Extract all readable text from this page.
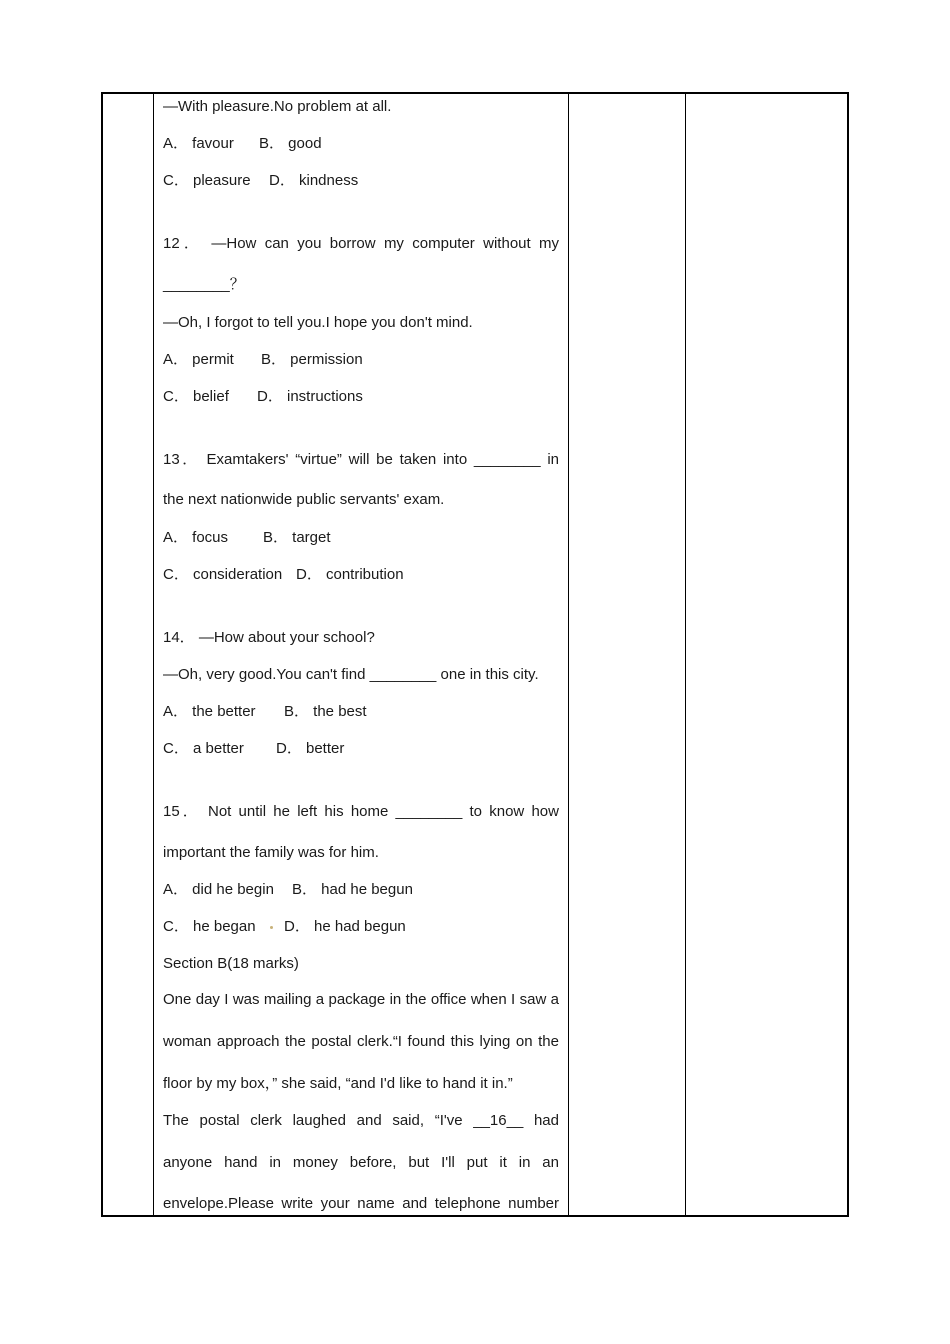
—With pleasure.No problem at all.
A． favour B． good
C． pleasure D． kindness
12． —How can you borrow my computer without my
________？
—Oh, I forgot to tell you.I hope you don't mind.
A． permit B． permission
C． belief D． instructions
13． Examtakers' “virtue” will be taken into ________ in
the next nationwide public servants' exam.
A． focus B． target
C． consideration D． contribution
14． —How about your school?
—Oh, very good.You can't find ________ one in this city.
A． the better B． the best
C． a better D． better
15． Not until he left his home ________ to know how
important the family was for him.
A． did he begin B． had he begun
C． he began D． he had begun
Section B(18 marks)
One day I was mailing a package in the office when I saw a
woman approach the postal clerk.“I found this lying on the
floor by my box，” she said, “and I'd like to hand it in.”
The postal clerk laughed and said, “I've __16__ had
anyone hand in money before, but I'll put it in an
envelope.Please write your name and telephone number
